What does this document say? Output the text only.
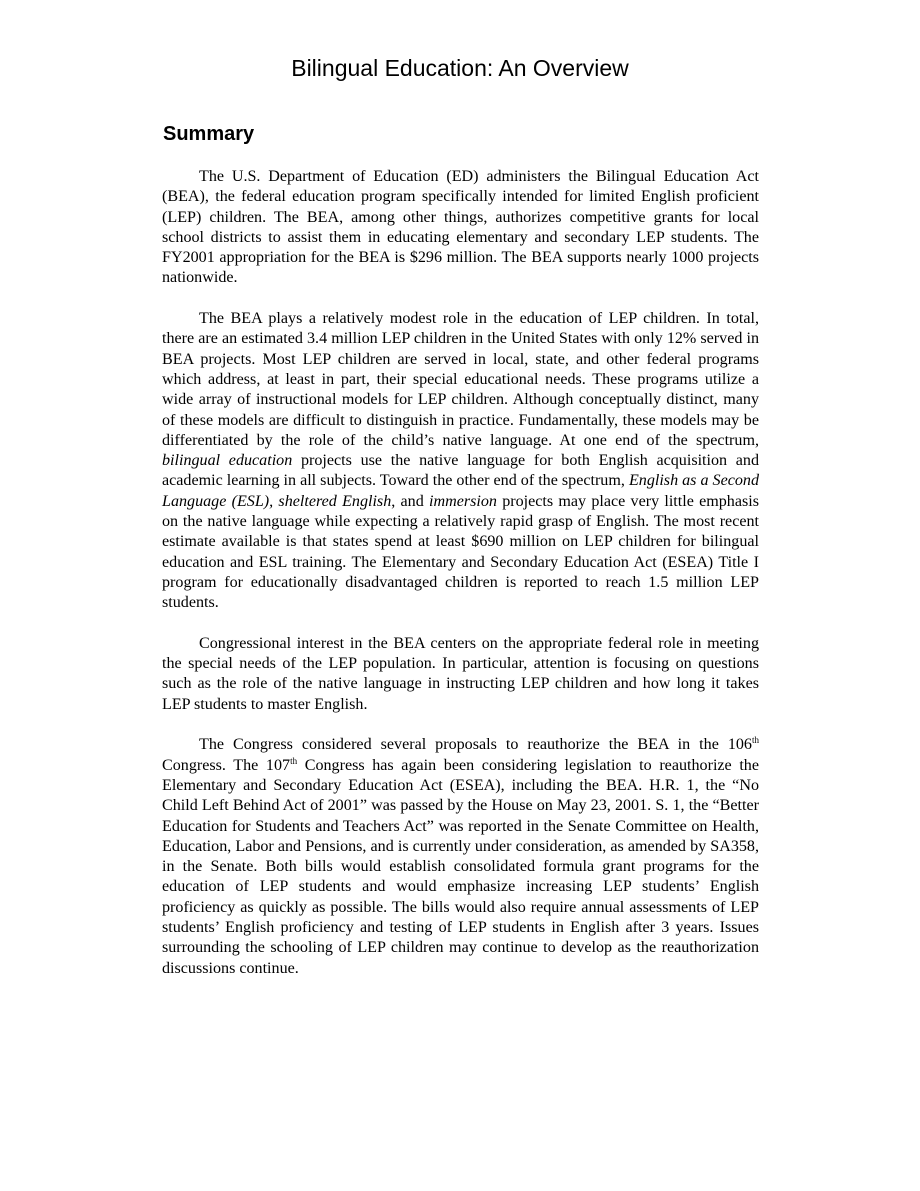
Bilingual Education: An Overview
Summary

The U.S. Department of Education (ED) administers the Bilingual Education Act (BEA), the federal education program specifically intended for limited English proficient (LEP) children. The BEA, among other things, authorizes competitive grants for local school districts to assist them in educating elementary and secondary LEP students. The FY2001 appropriation for the BEA is $296 million. The BEA supports nearly 1000 projects nationwide.

The BEA plays a relatively modest role in the education of LEP children. In total, there are an estimated 3.4 million LEP children in the United States with only 12% served in BEA projects. Most LEP children are served in local, state, and other federal programs which address, at least in part, their special educational needs. These programs utilize a wide array of instructional models for LEP children. Although conceptually distinct, many of these models are difficult to distinguish in practice. Fundamentally, these models may be differentiated by the role of the child’s native language. At one end of the spectrum, bilingual education projects use the native language for both English acquisition and academic learning in all subjects. Toward the other end of the spectrum, English as a Second Language (ESL), sheltered English, and immersion projects may place very little emphasis on the native language while expecting a relatively rapid grasp of English. The most recent estimate available is that states spend at least $690 million on LEP children for bilingual education and ESL training. The Elementary and Secondary Education Act (ESEA) Title I program for educationally disadvantaged children is reported to reach 1.5 million LEP students.

Congressional interest in the BEA centers on the appropriate federal role in meeting the special needs of the LEP population. In particular, attention is focusing on questions such as the role of the native language in instructing LEP children and how long it takes LEP students to master English.

The Congress considered several proposals to reauthorize the BEA in the 106th Congress. The 107th Congress has again been considering legislation to reauthorize the Elementary and Secondary Education Act (ESEA), including the BEA. H.R. 1, the “No Child Left Behind Act of 2001” was passed by the House on May 23, 2001. S. 1, the “Better Education for Students and Teachers Act” was reported in the Senate Committee on Health, Education, Labor and Pensions, and is currently under consideration, as amended by SA358, in the Senate. Both bills would establish consolidated formula grant programs for the education of LEP students and would emphasize increasing LEP students’ English proficiency as quickly as possible. The bills would also require annual assessments of LEP students’ English proficiency and testing of LEP students in English after 3 years. Issues surrounding the schooling of LEP children may continue to develop as the reauthorization discussions continue.
